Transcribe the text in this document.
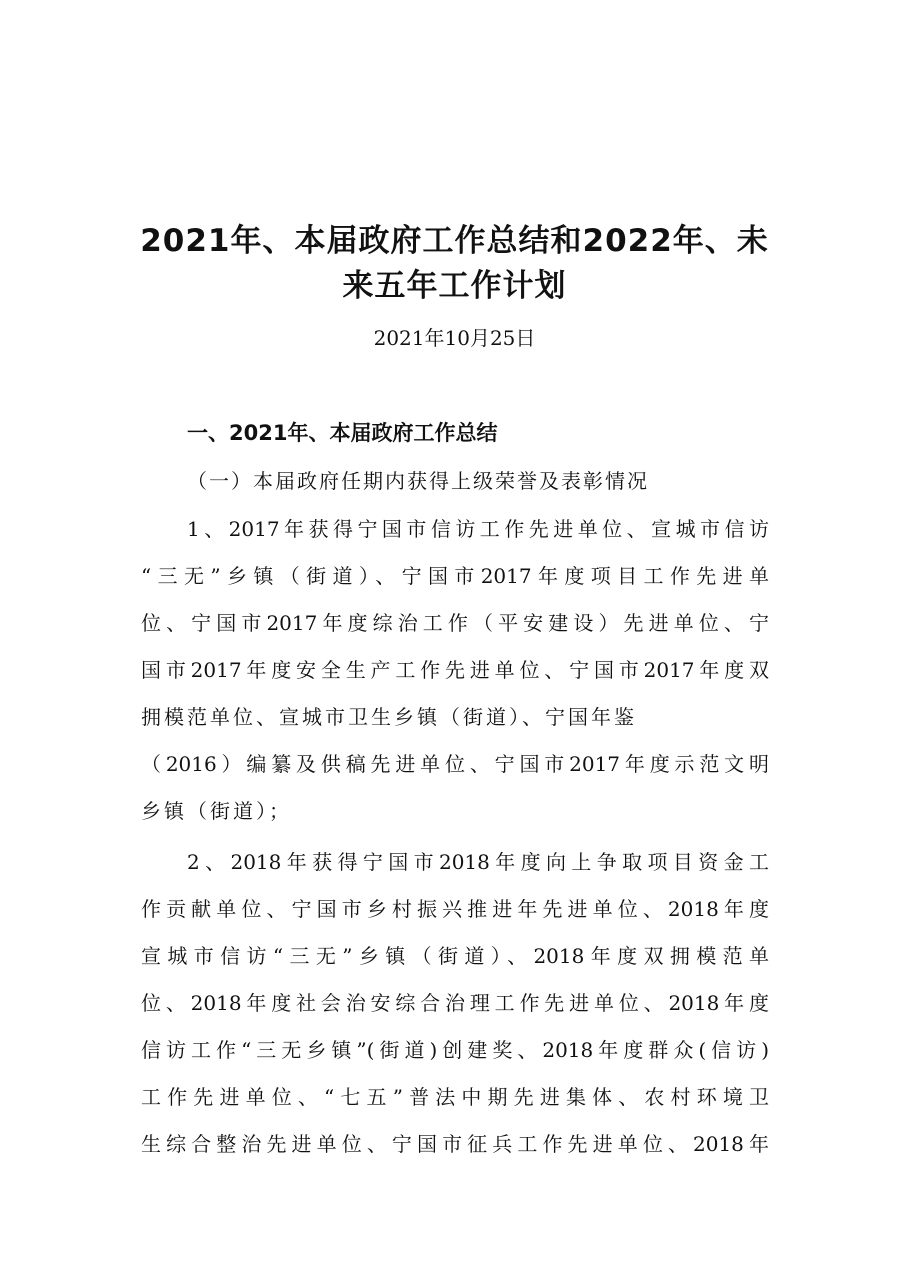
2021年、本届政府工作总结和2022年、未
来五年工作计划
2021年10月25日
一、2021年、本届政府工作总结
（一）本届政府任期内获得上级荣誉及表彰情况
1、2017年获得宁国市信访工作先进单位、宣城市信访
“三无”乡镇（街道）、宁国市2017年度项目工作先进单
位、宁国市2017年度综治工作（平安建设）先进单位、宁
国市2017年度安全生产工作先进单位、宁国市2017年度双
拥模范单位、宣城市卫生乡镇（街道）、宁国年鉴
（2016）编纂及供稿先进单位、宁国市2017年度示范文明
乡镇（街道）；
2、2018年获得宁国市2018年度向上争取项目资金工
作贡献单位、宁国市乡村振兴推进年先进单位、2018年度
宣城市信访“三无”乡镇（街道）、2018年度双拥模范单
位、2018年度社会治安综合治理工作先进单位、2018年度
信访工作“三无乡镇”(街道)创建奖、2018年度群众(信访)
工作先进单位、“七五”普法中期先进集体、农村环境卫
生综合整治先进单位、宁国市征兵工作先进单位、2018年
